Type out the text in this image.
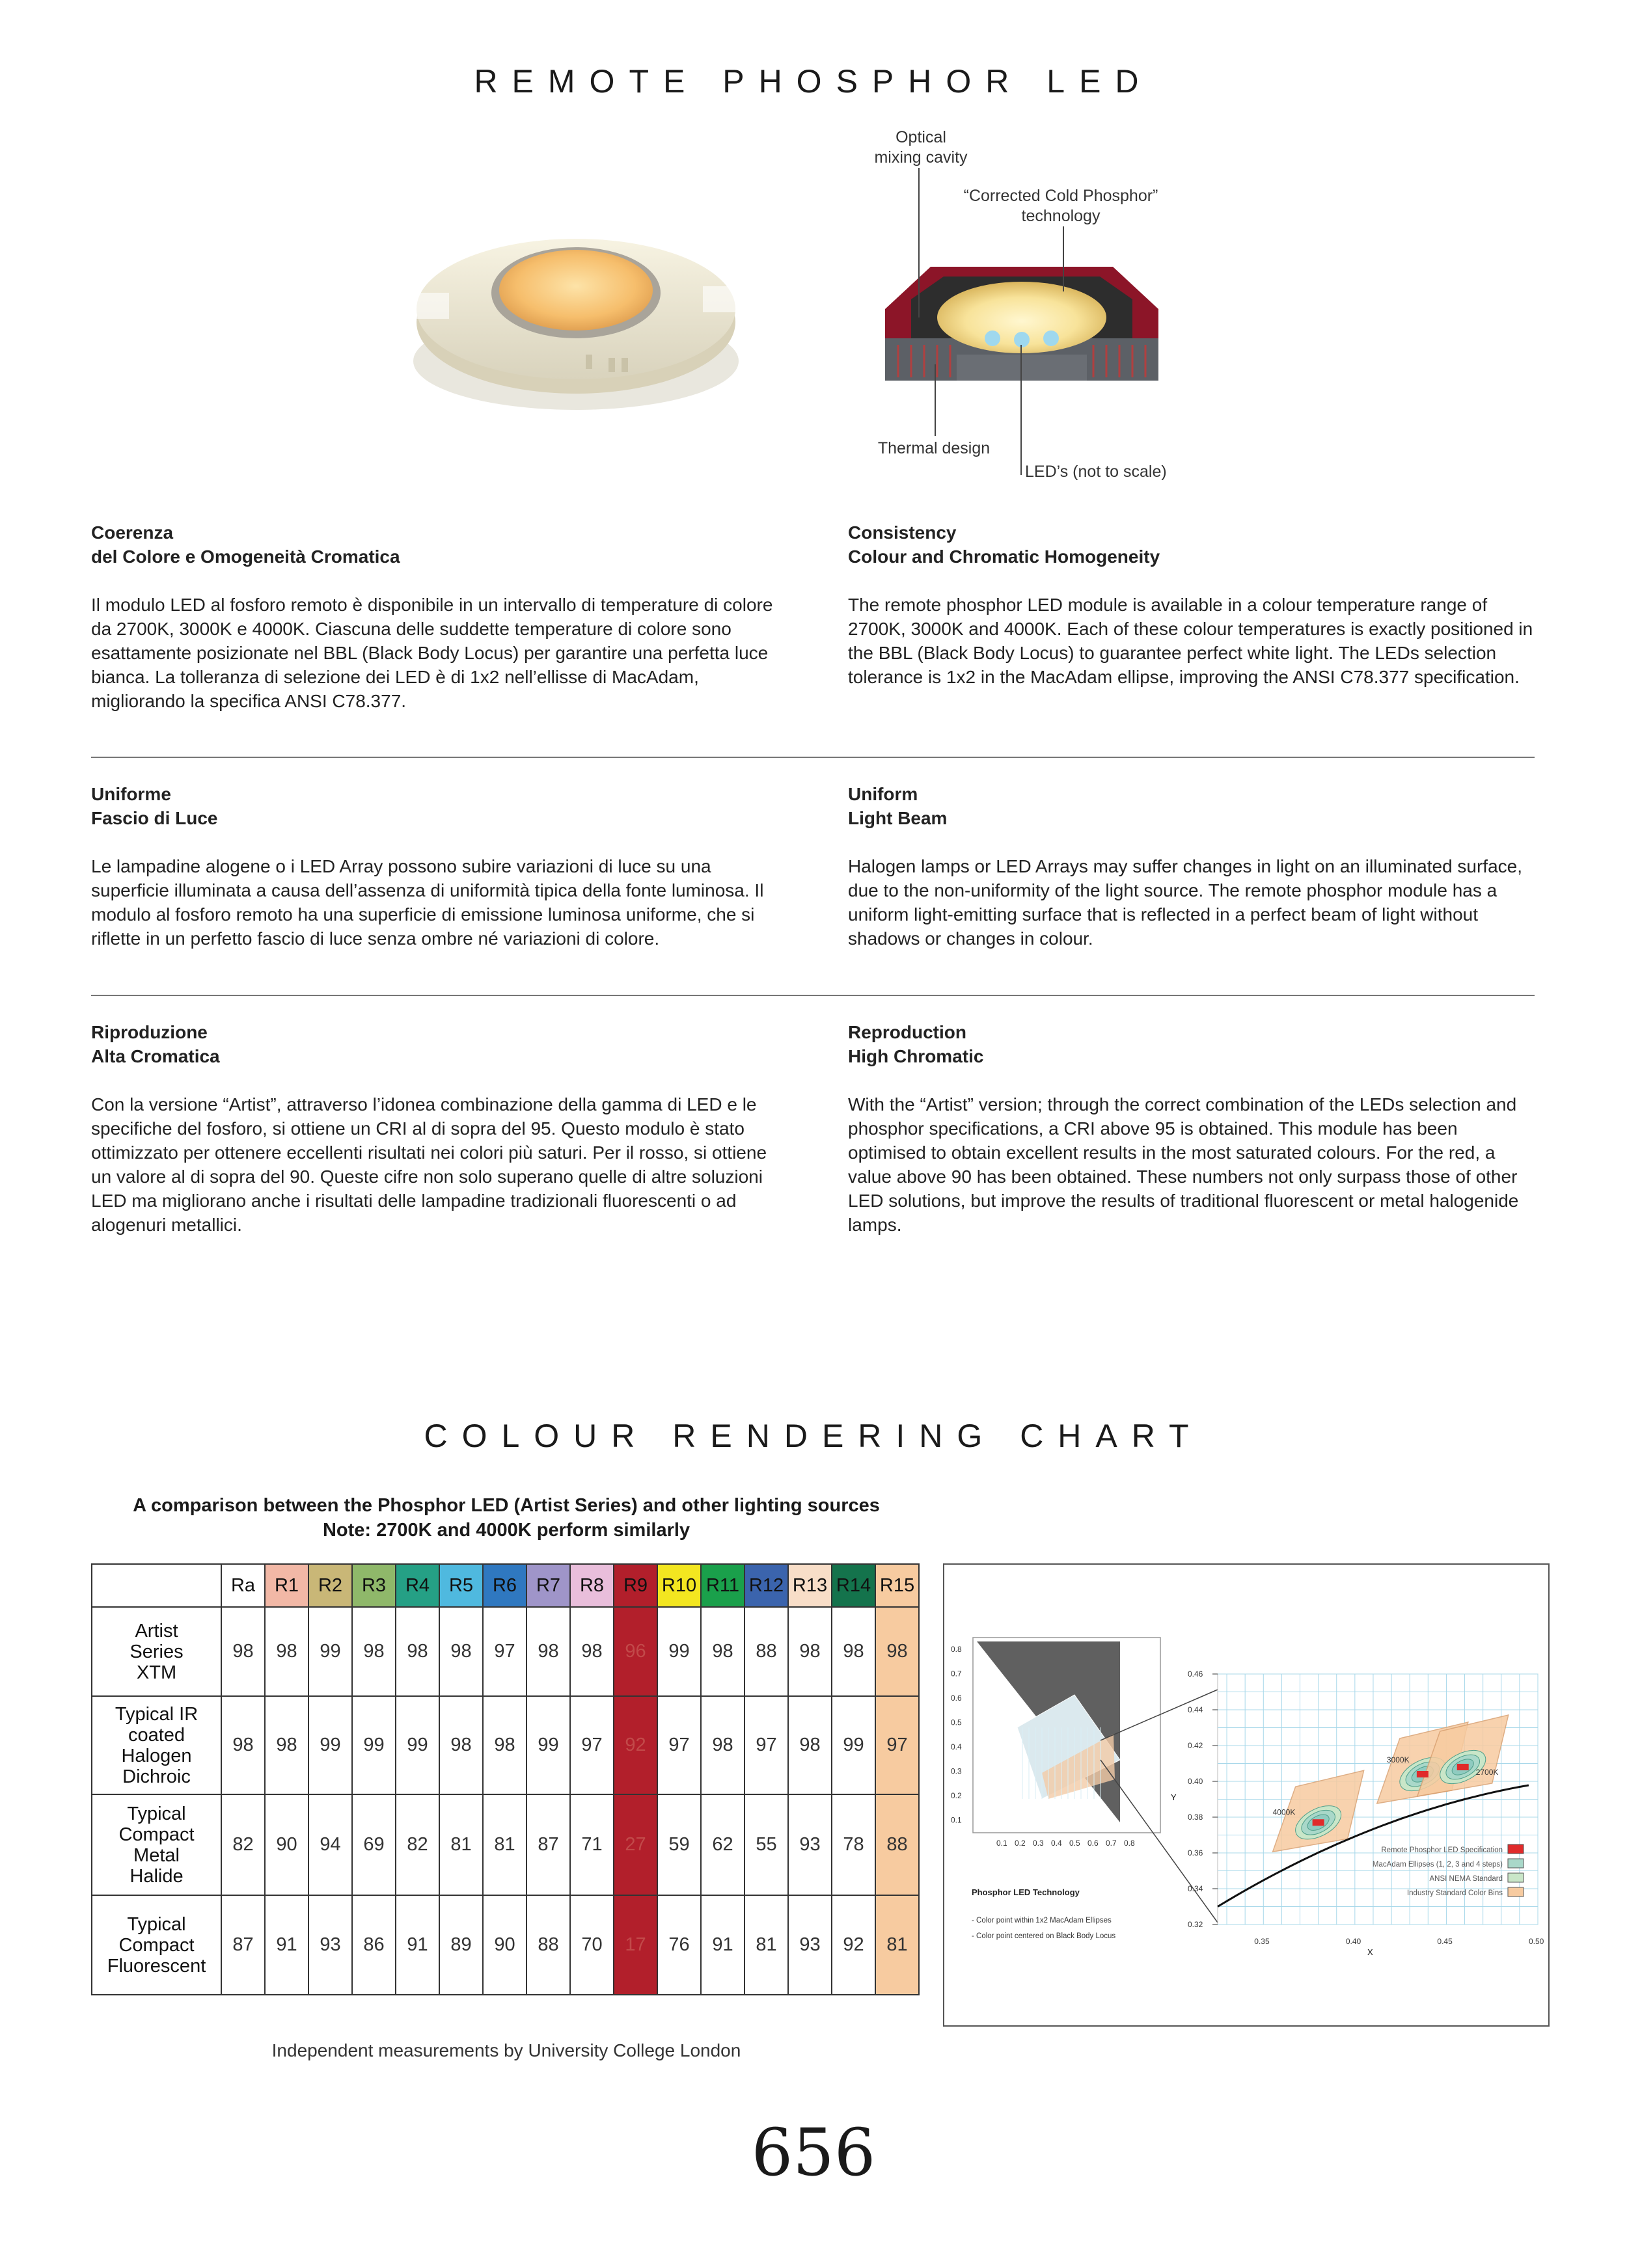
REMOTE PHOSPHOR LED
Optical
mixing cavity
“Corrected Cold Phosphor”
technology
Thermal design
LED’s (not to scale)
Coerenza
del Colore e Omogeneità Cromatica

Il modulo LED al fosforo remoto è disponibile in un intervallo di temperature di colore da 2700K, 3000K e 4000K. Ciascuna delle suddette temperature di colore sono esattamente posizionate nel BBL (Black Body Locus) per garantire una perfetta luce bianca. La tolleranza di selezione dei LED è di 1x2 nell’ellisse di MacAdam, migliorando la specifica ANSI C78.377.

Consistency
Colour and Chromatic Homogeneity

The remote phosphor LED module is available in a colour temperature range of 2700K, 3000K and 4000K. Each of these colour temperatures is exactly positioned in the BBL (Black Body Locus) to guarantee perfect white light. The LEDs selection tolerance is 1x2 in the MacAdam ellipse, improving the ANSI C78.377 specification.

Uniforme
Fascio di Luce

Le lampadine alogene o i LED Array possono subire variazioni di luce su una superficie illuminata a causa dell’assenza di uniformità tipica della fonte luminosa. Il modulo al fosforo remoto ha una superficie di emissione luminosa uniforme, che si riflette in un perfetto fascio di luce senza ombre né variazioni di colore.

Uniform
Light Beam

Halogen lamps or LED Arrays may suffer changes in light on an illuminated surface, due to the non-uniformity of the light source. The remote phosphor module has a uniform light-emitting surface that is reflected in a perfect beam of light without shadows or changes in colour.

Riproduzione
Alta Cromatica

Con la versione “Artist”, attraverso l’idonea combinazione della gamma di LED e le specifiche del fosforo, si ottiene un CRI al di sopra del 95. Questo modulo è stato ottimizzato per ottenere eccellenti risultati nei colori più saturi. Per il rosso, si ottiene un valore al di sopra del 90. Queste cifre non solo superano quelle di altre soluzioni LED ma migliorano anche i risultati delle lampadine tradizionali fluorescenti o ad alogenuri metallici.

Reproduction
High Chromatic

With the “Artist” version; through the correct combination of the LEDs selection and phosphor specifications, a CRI above 95 is obtained. This module has been optimised to obtain excellent results in the most saturated colours. For the red, a value above 90 has been obtained. These numbers not only surpass those of other LED solutions, but improve the results of traditional fluorescent or metal halogenide lamps.

COLOUR RENDERING CHART
A comparison between the Phosphor LED (Artist Series) and other lighting sources
Note: 2700K and 4000K perform similarly
	Ra	R1	R2	R3	R4	R5	R6	R7	R8	R9	R10	R11	R12	R13	R14	R15
Artist
Series
XTM	98	98	99	98	98	98	97	98	98	96	99	98	88	98	98	98
Typical IR
coated
Halogen
Dichroic	98	98	99	99	99	98	98	99	97	92	97	98	97	98	99	97
Typical
Compact
Metal
Halide	82	90	94	69	82	81	81	87	71	27	59	62	55	93	78	88
Typical
Compact
Fluorescent	87	91	93	86	91	89	90	88	70	17	76	91	81	93	92	81
Independent measurements by University College London
0.8
0.7
0.6
0.5
0.4
0.3
0.2
0.1
0.1 0.2 0.3 0.4 0.5 0.6 0.7 0.8
Phosphor LED Technology
- Color point within 1x2 MacAdam Ellipses
- Color point centered on Black Body Locus
4000K
3000K
2700K
0.46
0.44
0.42
0.40
0.38
0.36
0.34
0.32
0.35	0.40	0.45	0.50
Y
X
Remote Phosphor LED Specification
MacAdam Ellipses (1, 2, 3 and 4 steps)
ANSI NEMA Standard
Industry Standard Color Bins
656
